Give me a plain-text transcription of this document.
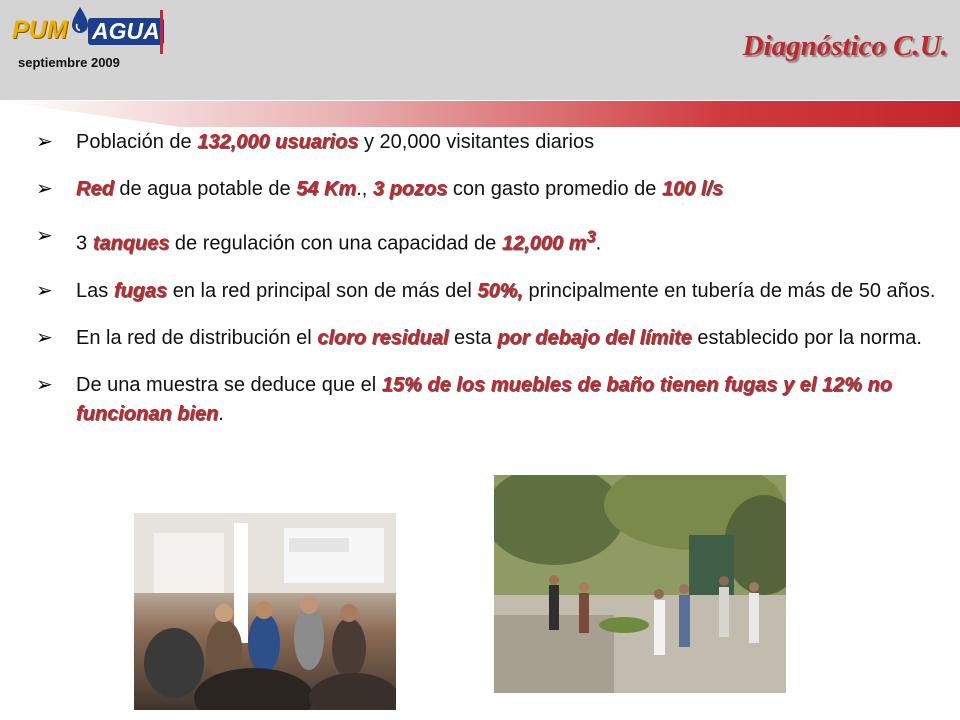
PUM AGUA
septiembre 2009
Diagnóstico C.U.
➢ Población de 132,000 usuarios y 20,000 visitantes diarios
➢ Red de agua potable de 54 Km., 3 pozos con gasto promedio de 100 l/s
➢ 3 tanques de regulación con una capacidad de 12,000 $m^3$.
➢ Las fugas en la red principal son de más del 50%, principalmente en tubería de más de 50 años.
➢ En la red de distribución el cloro residual esta por debajo del límite establecido por la norma.
➢ De una muestra se deduce que el 15% de los muebles de baño tienen fugas y el 12% no funcionan bien.
